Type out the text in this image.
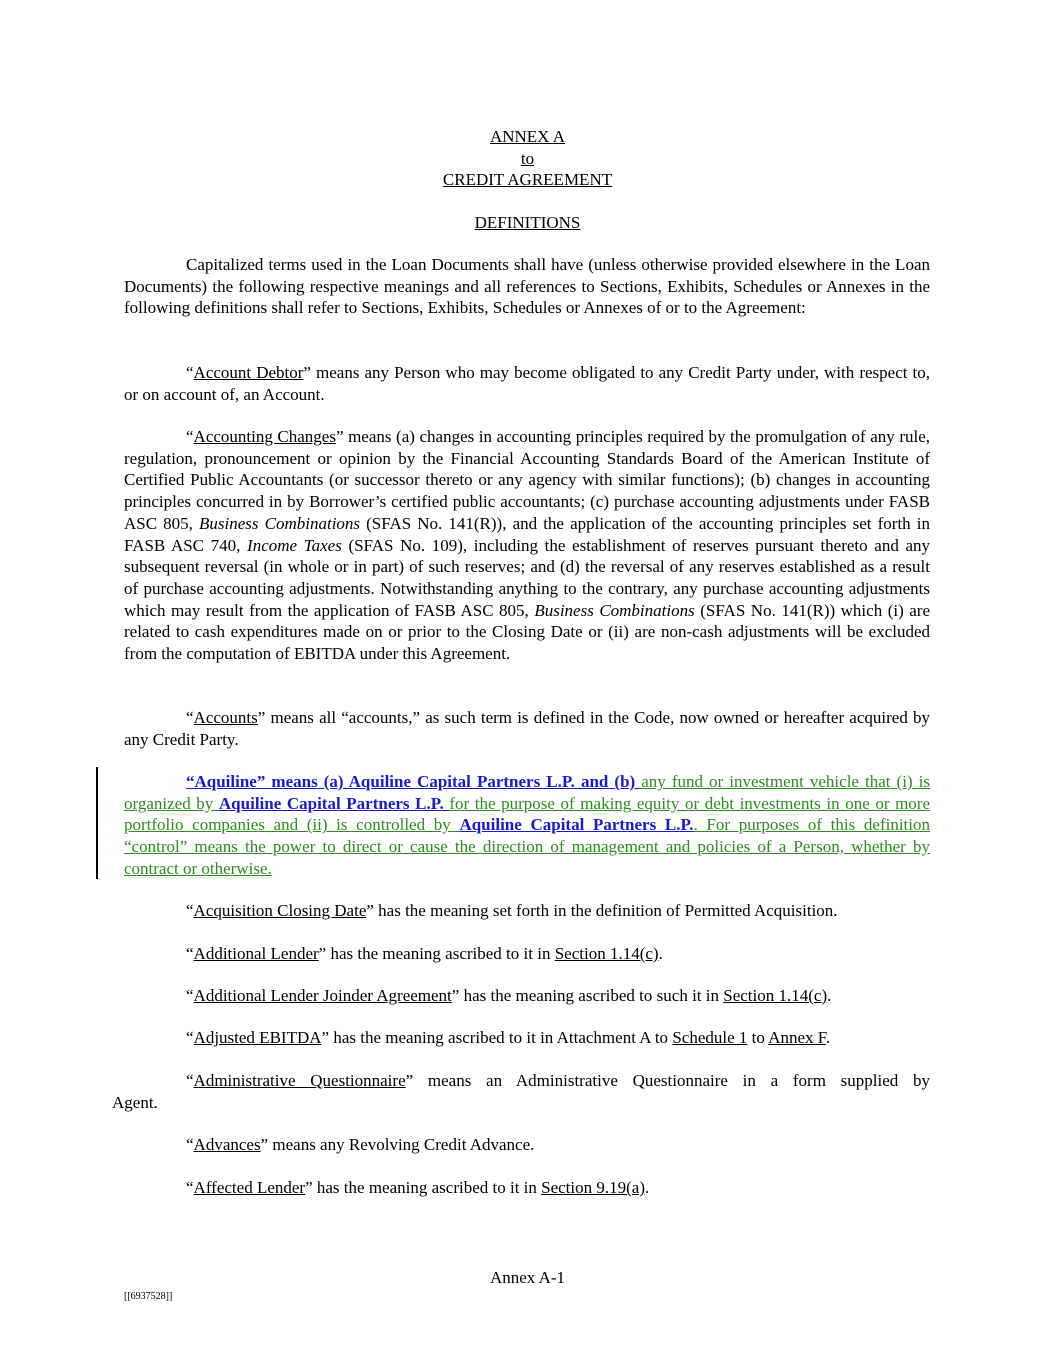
ANNEX A
to
CREDIT AGREEMENT
DEFINITIONS

Capitalized terms used in the Loan Documents shall have (unless otherwise provided elsewhere in the Loan Documents) the following respective meanings and all references to Sections, Exhibits, Schedules or Annexes in the following definitions shall refer to Sections, Exhibits, Schedules or Annexes of or to the Agreement:

“Account Debtor” means any Person who may become obligated to any Credit Party under, with respect to, or on account of, an Account.

“Accounting Changes” means (a) changes in accounting principles required by the promulgation of any rule, regulation, pronouncement or opinion by the Financial Accounting Standards Board of the American Institute of Certified Public Accountants (or successor thereto or any agency with similar functions); (b) changes in accounting principles concurred in by Borrower’s certified public accountants; (c) purchase accounting adjustments under FASB ASC 805, Business Combinations (SFAS No. 141(R)), and the application of the accounting principles set forth in FASB ASC 740, Income Taxes (SFAS No. 109), including the establishment of reserves pursuant thereto and any subsequent reversal (in whole or in part) of such reserves; and (d) the reversal of any reserves established as a result of purchase accounting adjustments. Notwithstanding anything to the contrary, any purchase accounting adjustments which may result from the application of FASB ASC 805, Business Combinations (SFAS No. 141(R)) which (i) are related to cash expenditures made on or prior to the Closing Date or (ii) are non-cash adjustments will be excluded from the computation of EBITDA under this Agreement.

“Accounts” means all “accounts,” as such term is defined in the Code, now owned or hereafter acquired by any Credit Party.

“Aquiline” means (a) Aquiline Capital Partners L.P. and (b) any fund or investment vehicle that (i) is organized by Aquiline Capital Partners L.P. for the purpose of making equity or debt investments in one or more portfolio companies and (ii) is controlled by Aquiline Capital Partners L.P.. For purposes of this definition “control” means the power to direct or cause the direction of management and policies of a Person, whether by contract or otherwise.

“Acquisition Closing Date” has the meaning set forth in the definition of Permitted Acquisition.

“Additional Lender” has the meaning ascribed to it in Section 1.14(c).

“Additional Lender Joinder Agreement” has the meaning ascribed to such it in Section 1.14(c).

“Adjusted EBITDA” has the meaning ascribed to it in Attachment A to Schedule 1 to Annex F.

“Administrative Questionnaire” means an Administrative Questionnaire in a form supplied by

Agent.

“Advances” means any Revolving Credit Advance.

“Affected Lender” has the meaning ascribed to it in Section 9.19(a).

Annex A-1
[[6937528]]
